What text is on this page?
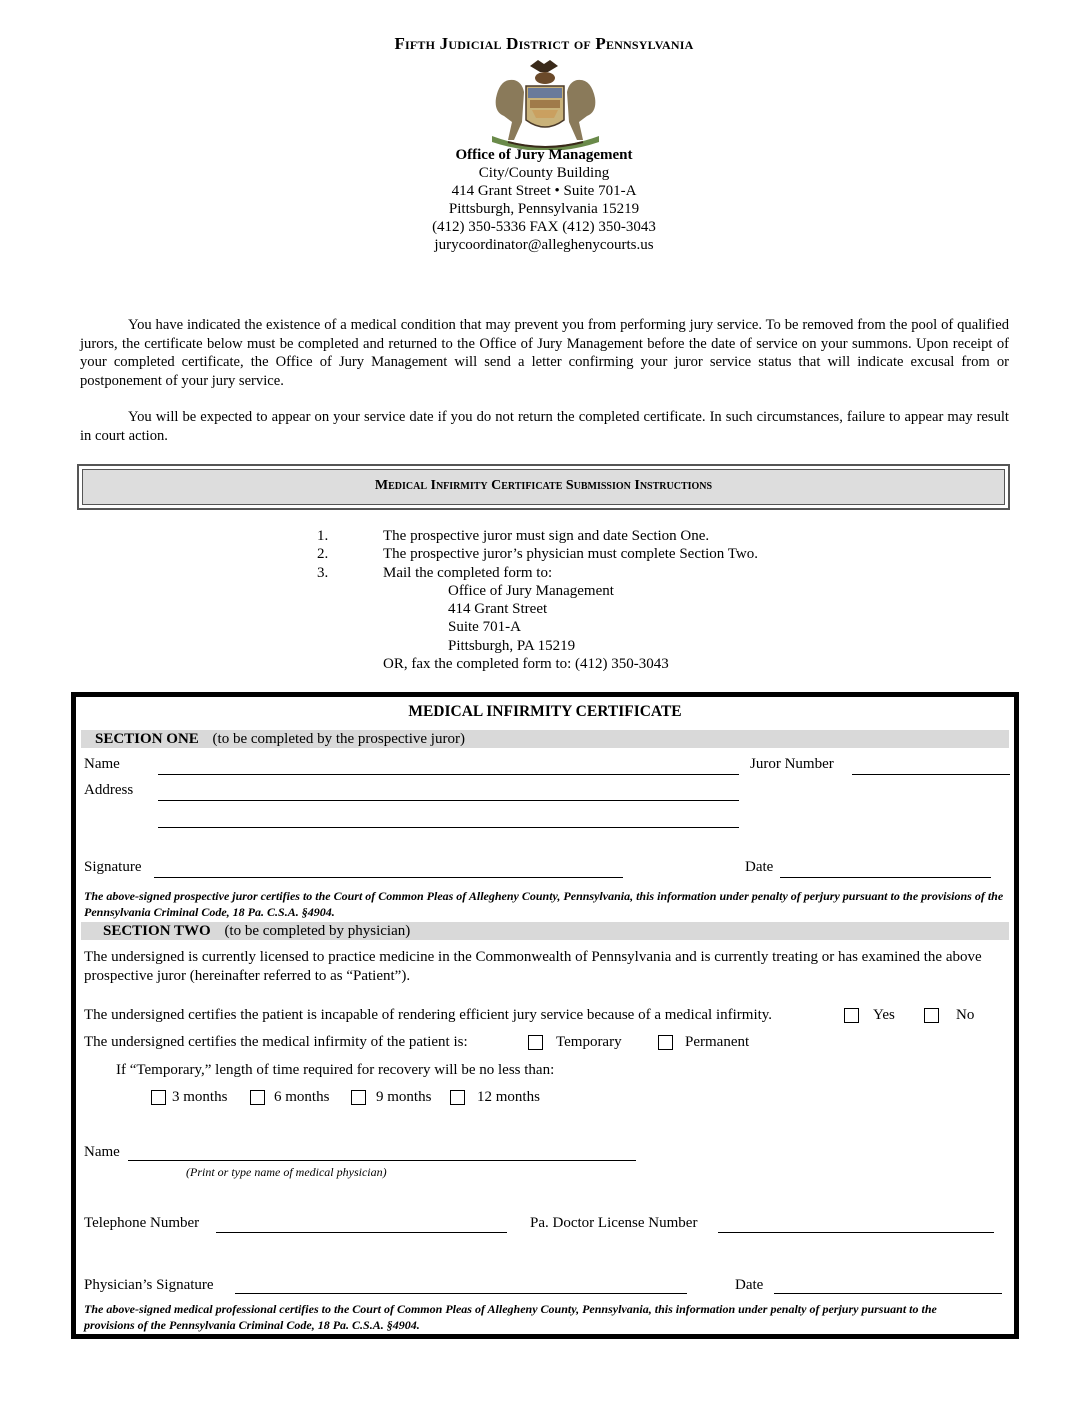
Fifth Judicial District of Pennsylvania
Office of Jury Management
City/County Building
414 Grant Street • Suite 701-A
Pittsburgh, Pennsylvania 15219
(412) 350-5336 FAX (412) 350-3043
jurycoordinator@alleghenycourts.us
You have indicated the existence of a medical condition that may prevent you from performing jury service. To be removed from the pool of qualified jurors, the certificate below must be completed and returned to the Office of Jury Management before the date of service on your summons. Upon receipt of your completed certificate, the Office of Jury Management will send a letter confirming your juror service status that will indicate excusal from or postponement of your jury service.
You will be expected to appear on your service date if you do not return the completed certificate. In such circumstances, failure to appear may result in court action.
Medical Infirmity Certificate Submission Instructions
1.	The prospective juror must sign and date Section One.
2.	The prospective juror’s physician must complete Section Two.
3.	Mail the completed form to:
Office of Jury Management
414 Grant Street
Suite 701-A
Pittsburgh, PA 15219
OR, fax the completed form to: (412) 350-3043
MEDICAL INFIRMITY CERTIFICATE
SECTION ONE (to be completed by the prospective juror)
Name	Juror Number
Address
Signature	Date
The above-signed prospective juror certifies to the Court of Common Pleas of Allegheny County, Pennsylvania, this information under penalty of perjury pursuant to the provisions of the Pennsylvania Criminal Code, 18 Pa. C.S.A. §4904.
SECTION TWO (to be completed by physician)
The undersigned is currently licensed to practice medicine in the Commonwealth of Pennsylvania and is currently treating or has examined the above prospective juror (hereinafter referred to as “Patient”).
The undersigned certifies the patient is incapable of rendering efficient jury service because of a medical infirmity.	Yes	No
The undersigned certifies the medical infirmity of the patient is:	Temporary	Permanent
If “Temporary,” length of time required for recovery will be no less than:
3 months	6 months	9 months	12 months
Name
(Print or type name of medical physician)
Telephone Number	Pa. Doctor License Number
Physician’s Signature	Date
The above-signed medical professional certifies to the Court of Common Pleas of Allegheny County, Pennsylvania, this information under penalty of perjury pursuant to the provisions of the Pennsylvania Criminal Code, 18 Pa. C.S.A. §4904.
